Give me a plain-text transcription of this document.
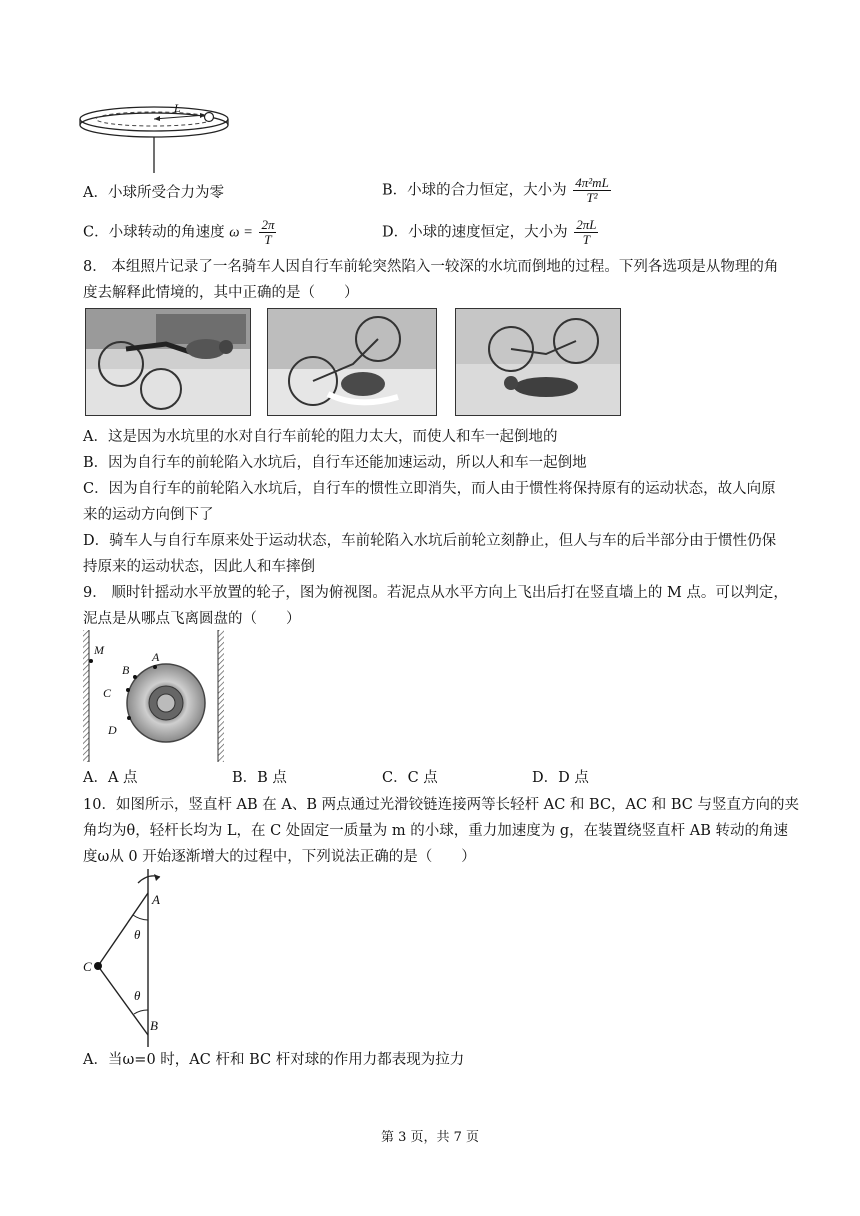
L
A．小球所受合力为零	B．小球的合力恒定，大小为 $\frac{\text{4π²mL}}{\text{T²}}$
C．小球转动的角速度 $\omega = \frac{2\pi}{T}$	D．小球的速度恒定，大小为 $\frac{2\pi L}{T}$
8． 本组照片记录了一名骑车人因自行车前轮突然陷入一较深的水坑而倒地的过程。下列各选项是从物理的角
度去解释此情境的，其中正确的是（　　）
A．这是因为水坑里的水对自行车前轮的阻力太大，而使人和车一起倒地的
B．因为自行车的前轮陷入水坑后，自行车还能加速运动，所以人和车一起倒地
C．因为自行车的前轮陷入水坑后，自行车的惯性立即消失，而人由于惯性将保持原有的运动状态，故人向原
来的运动方向倒下了
D．骑车人与自行车原来处于运动状态，车前轮陷入水坑后前轮立刻静止，但人与车的后半部分由于惯性仍保
持原来的运动状态，因此人和车摔倒
9． 顺时针摇动水平放置的轮子，图为俯视图。若泥点从水平方向上飞出后打在竖直墙上的 M 点。可以判定，
泥点是从哪点飞离圆盘的（　　）
M	A
B
C
D
A．A 点	B．B 点	C．C 点	D．D 点
10．如图所示，竖直杆 AB 在 A、B 两点通过光滑铰链连接两等长轻杆 AC 和 BC，AC 和 BC 与竖直方向的夹
角均为θ，轻杆长均为 L，在 C 处固定一质量为 m 的小球，重力加速度为 g，在装置绕竖直杆 AB 转动的角速
度ω从 0 开始逐渐增大的过程中，下列说法正确的是（　　）
A
B
C
θ
θ
A．当ω=0 时，AC 杆和 BC 杆对球的作用力都表现为拉力
第 3 页，共 7 页
